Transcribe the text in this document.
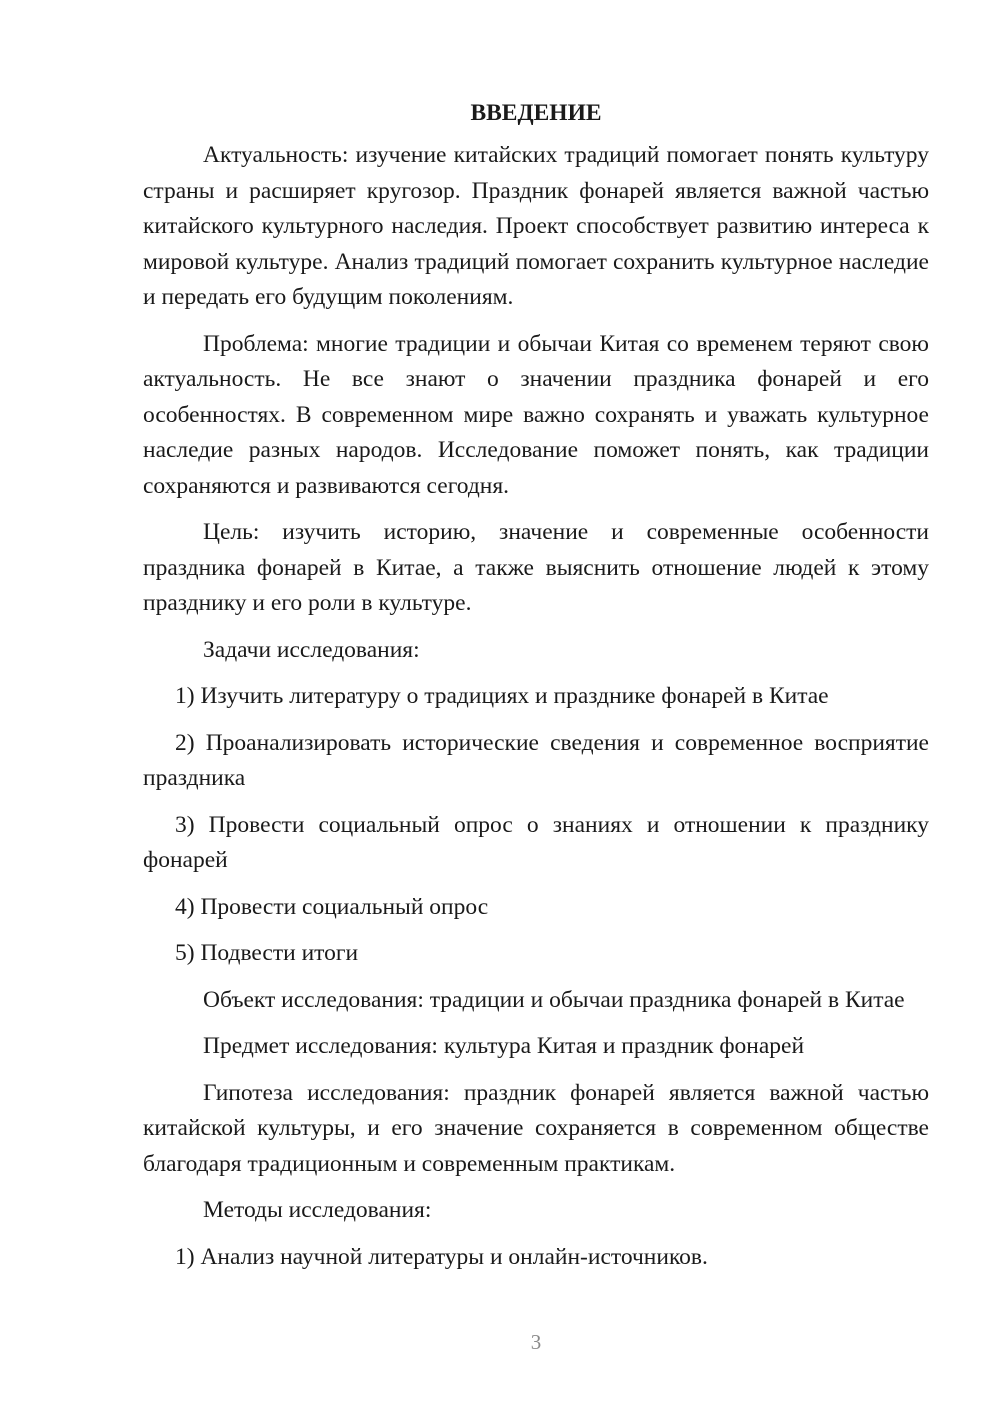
ВВЕДЕНИЕ

Актуальность: изучение китайских традиций помогает понять культуру страны и расширяет кругозор. Праздник фонарей является важной частью китайского культурного наследия. Проект способствует развитию интереса к мировой культуре. Анализ традиций помогает сохранить культурное наследие и передать его будущим поколениям.

Проблема: многие традиции и обычаи Китая со временем теряют свою актуальность. Не все знают о значении праздника фонарей и его особенностях. В современном мире важно сохранять и уважать культурное наследие разных народов. Исследование поможет понять, как традиции сохраняются и развиваются сегодня.

Цель: изучить историю, значение и современные особенности праздника фонарей в Китае, а также выяснить отношение людей к этому празднику и его роли в культуре.

Задачи исследования:

1) Изучить литературу о традициях и празднике фонарей в Китае

2) Проанализировать исторические сведения и современное восприятие праздника

3) Провести социальный опрос о знаниях и отношении к празднику фонарей

4) Провести социальный опрос

5) Подвести итоги

Объект исследования: традиции и обычаи праздника фонарей в Китае

Предмет исследования: культура Китая и праздник фонарей

Гипотеза исследования: праздник фонарей является важной частью китайской культуры, и его значение сохраняется в современном обществе благодаря традиционным и современным практикам.

Методы исследования:

1) Анализ научной литературы и онлайн-источников.

3
